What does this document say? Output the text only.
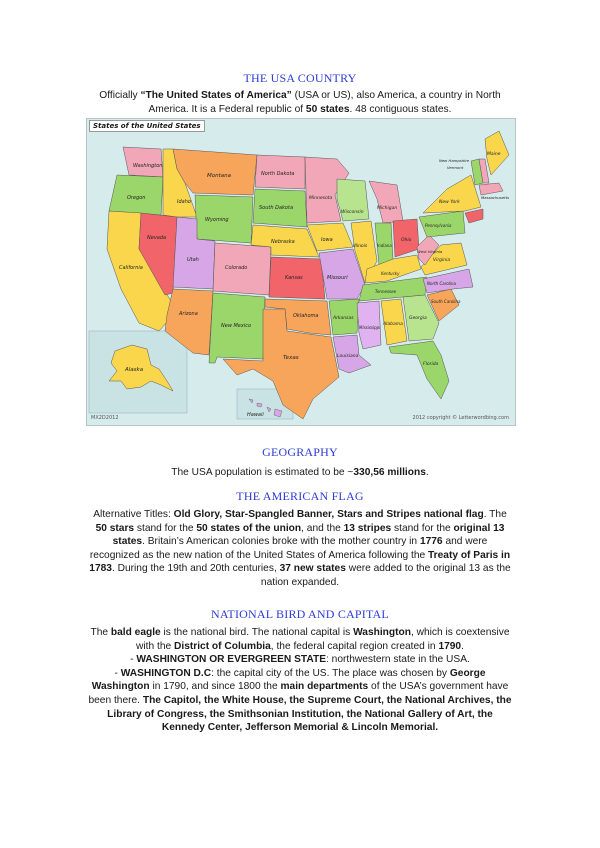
THE USA COUNTRY

Officially “The United States of America” (USA or US), also America, a country in North America. It is a Federal republic of 50 states. 48 contiguous states.

Alaska
Hawaii
Washington
Oregon
California
Nevada
Idaho
Montana
Wyoming
Utah
Arizona
Colorado
New Mexico
North Dakota
South Dakota
Nebraska
Kansas
Oklahoma
Texas
Minnesota
Iowa
Missouri
Arkansas
Louisiana
Wisconsin
Illinois
Michigan
Indiana
Ohio
Kentucky
Tennessee
Mississippi
Alabama
Georgia
Florida
South Carolina
North Carolina
Virginia
West Virginia
Pennsylvania
New York
Maine
Vermont
New Hampshire
Massachusetts
States of the United States
MX2D2012	2012 copyright © Letterwordbing.com
GEOGRAPHY

The USA population is estimated to be ~330,56 millions.

THE AMERICAN FLAG

Alternative Titles: Old Glory, Star-Spangled Banner, Stars and Stripes national flag. The 50 stars stand for the 50 states of the union, and the 13 stripes stand for the original 13 states. Britain’s American colonies broke with the mother country in 1776 and were recognized as the new nation of the United States of America following the Treaty of Paris in 1783. During the 19th and 20th centuries, 37 new states were added to the original 13 as the nation expanded.

NATIONAL BIRD AND CAPITAL

The bald eagle is the national bird. The national capital is Washington, which is coextensive with the District of Columbia, the federal capital region created in 1790.

- WASHINGTON OR EVERGREEN STATE: northwestern state in the USA.

- WASHINGTON D.C: the capital city of the US. The place was chosen by George Washington in 1790, and since 1800 the main departments of the USA’s government have been there. The Capitol, the White House, the Supreme Court, the National Archives, the Library of Congress, the Smithsonian Institution, the National Gallery of Art, the Kennedy Center, Jefferson Memorial & Lincoln Memorial.
